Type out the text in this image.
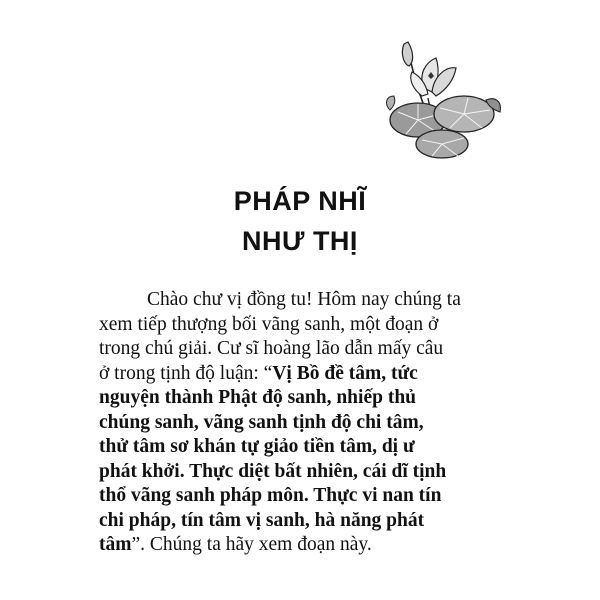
PHÁP NHĨ
NHƯ THỊ
Chào chư vị đồng tu! Hôm nay chúng ta
xem tiếp thượng bối vãng sanh, một đoạn ở
trong chú giải. Cư sĩ hoàng lão dẫn mấy câu
ở trong tịnh độ luận: “Vị Bồ đề tâm, tức
nguyện thành Phật độ sanh, nhiếp thủ
chúng sanh, vãng sanh tịnh độ chi tâm,
thử tâm sơ khán tự giảo tiền tâm, dị ư
phát khởi. Thực diệt bất nhiên, cái dĩ tịnh
thổ vãng sanh pháp môn. Thực vi nan tín
chi pháp, tín tâm vị sanh, hà năng phát
tâm”. Chúng ta hãy xem đoạn này.
